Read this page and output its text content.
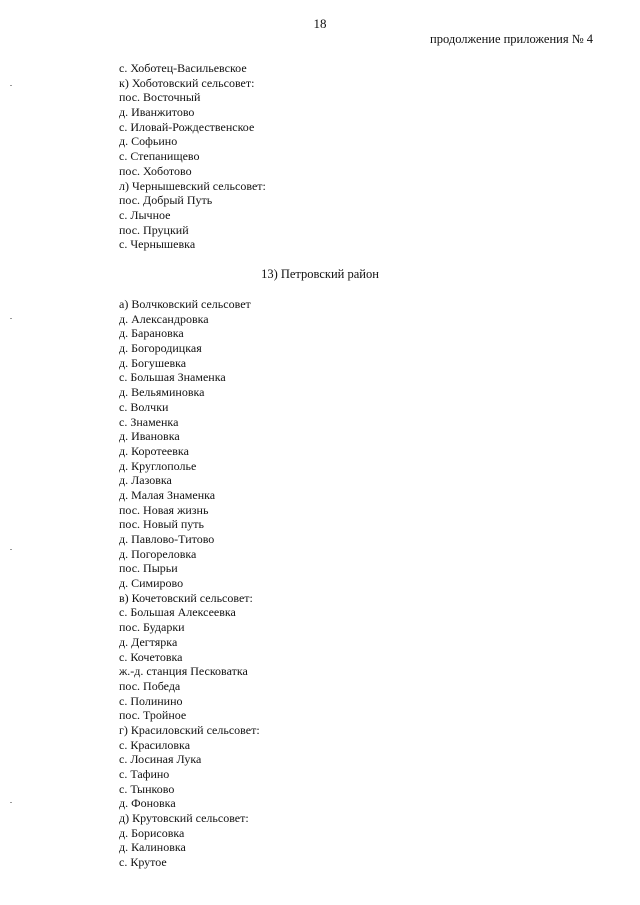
18
продолжение приложения № 4
с. Хоботец-Васильевское
к) Хоботовский сельсовет:
пос. Восточный
д. Иванжитово
с. Иловай-Рождественское
д. Софьино
с. Степанищево
пос. Хоботово
л) Чернышевский сельсовет:
пос. Добрый Путь
с. Лычное
пос. Пруцкий
с. Чернышевка
13) Петровский район
а) Волчковский сельсовет
д. Александровка
д. Барановка
д. Богородицкая
д. Богушевка
с. Большая Знаменка
д. Вельяминовка
с. Волчки
с. Знаменка
д. Ивановка
д. Коротеевка
д. Круглополье
д. Лазовка
д. Малая Знаменка
пос. Новая жизнь
пос. Новый путь
д. Павлово-Титово
д. Погореловка
пос. Пырьи
д. Симирово
в) Кочетовский сельсовет:
с. Большая Алексеевка
пос. Бударки
д. Дегтярка
с. Кочетовка
ж.-д. станция Песковатка
пос. Победа
с. Полинино
пос. Тройное
г) Красиловский сельсовет:
с. Красиловка
с. Лосиная Лука
с. Тафино
с. Тынково
д. Фоновка
д) Крутовский сельсовет:
д. Борисовка
д. Калиновка
с. Крутое
